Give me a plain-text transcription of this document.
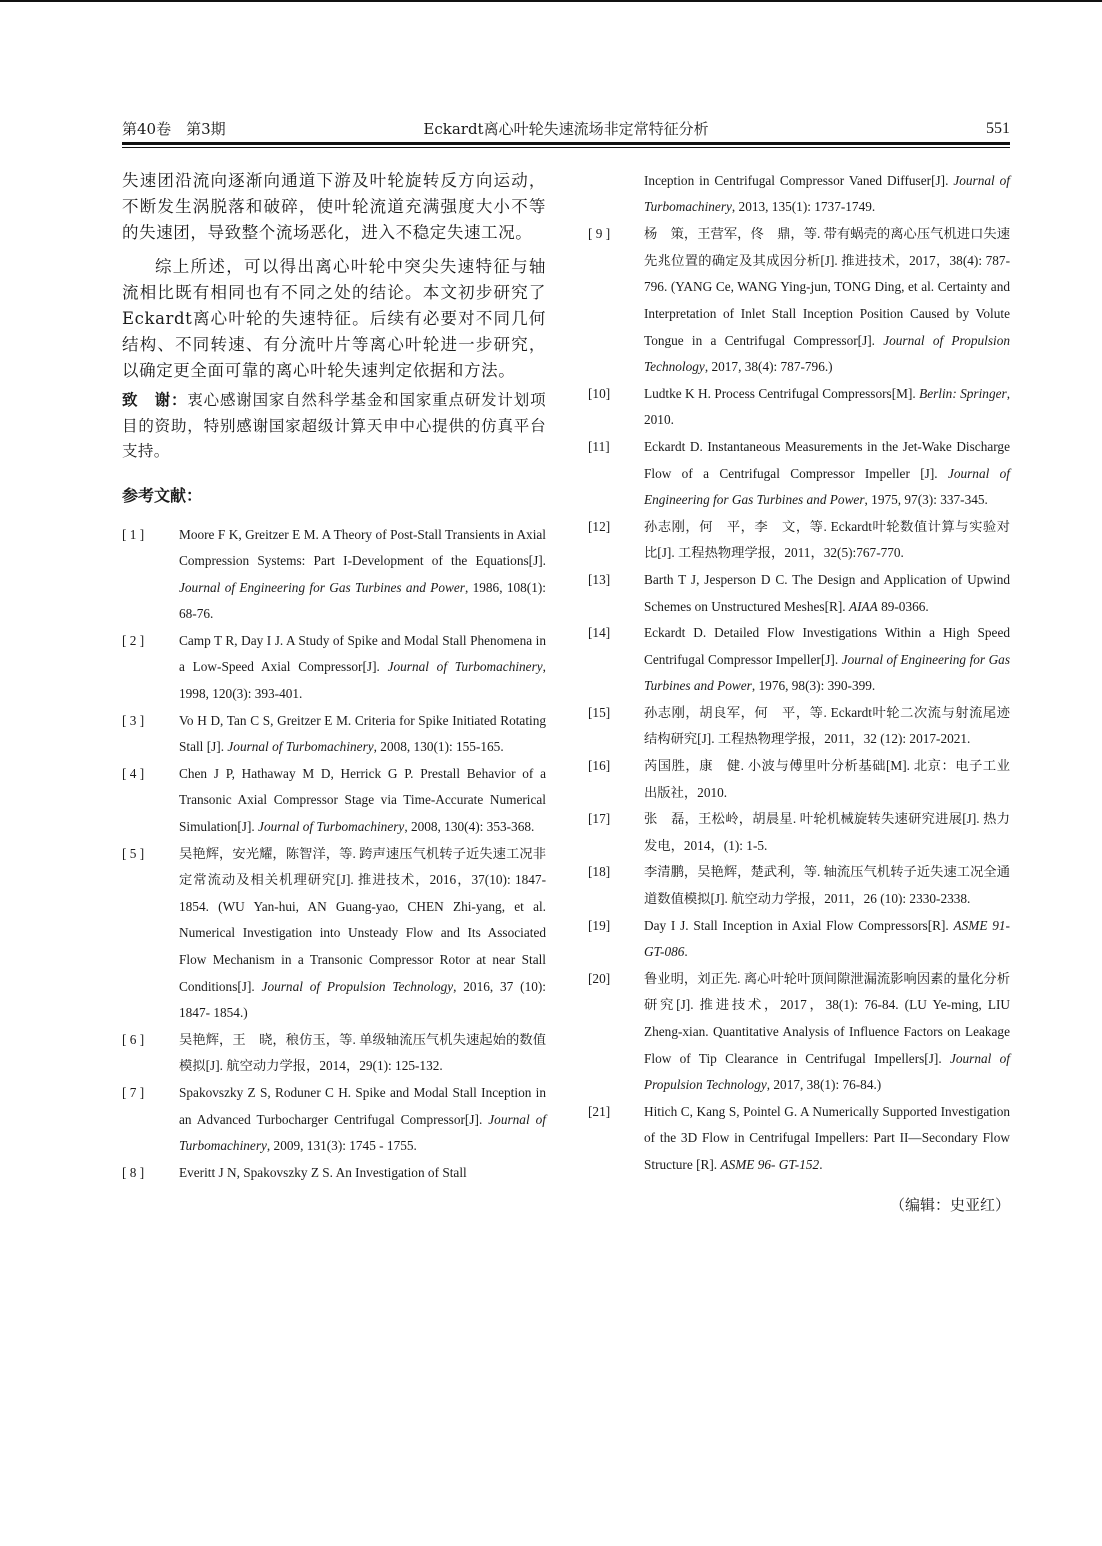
第40卷　第3期	Eckardt离心叶轮失速流场非定常特征分析	551

失速团沿流向逐渐向通道下游及叶轮旋转反方向运动，不断发生涡脱落和破碎，使叶轮流道充满强度大小不等的失速团，导致整个流场恶化，进入不稳定失速工况。

综上所述，可以得出离心叶轮中突尖失速特征与轴流相比既有相同也有不同之处的结论。本文初步研究了Eckardt离心叶轮的失速特征。后续有必要对不同几何结构、不同转速、有分流叶片等离心叶轮进一步研究，以确定更全面可靠的离心叶轮失速判定依据和方法。

致　谢：衷心感谢国家自然科学基金和国家重点研发计划项目的资助，特别感谢国家超级计算天申中心提供的仿真平台支持。

参考文献：
[ 1 ]	Moore F K, Greitzer E M. A Theory of Post-Stall Transients in Axial Compression Systems: Part I-Development of the Equations[J]. Journal of Engineering for Gas Turbines and Power, 1986, 108(1): 68-76.
[ 2 ]	Camp T R, Day I J. A Study of Spike and Modal Stall Phenomena in a Low-Speed Axial Compressor[J]. Journal of Turbomachinery, 1998, 120(3): 393-401.
[ 3 ]	Vo H D, Tan C S, Greitzer E M. Criteria for Spike Initiated Rotating Stall [J]. Journal of Turbomachinery, 2008, 130(1): 155-165.
[ 4 ]	Chen J P, Hathaway M D, Herrick G P. Prestall Behavior of a Transonic Axial Compressor Stage via Time-Accurate Numerical Simulation[J]. Journal of Turbomachinery, 2008, 130(4): 353-368.
[ 5 ]	吴艳辉，安光耀，陈智洋，等. 跨声速压气机转子近失速工况非定常流动及相关机理研究[J]. 推进技术，2016，37(10): 1847-1854. (WU Yan-hui, AN Guang-yao, CHEN Zhi-yang, et al. Numerical Investigation into Unsteady Flow and Its Associated Flow Mechanism in a Transonic Compressor Rotor at near Stall Conditions[J]. Journal of Propulsion Technology, 2016, 37 (10): 1847- 1854.)
[ 6 ]	吴艳辉，王　晓，稂仿玉，等. 单级轴流压气机失速起始的数值模拟[J]. 航空动力学报，2014，29(1): 125-132.
[ 7 ]	Spakovszky Z S, Roduner C H. Spike and Modal Stall Inception in an Advanced Turbocharger Centrifugal Compressor[J]. Journal of Turbomachinery, 2009, 131(3): 1745 - 1755.
[ 8 ]	Everitt J N, Spakovszky Z S. An Investigation of Stall
Inception in Centrifugal Compressor Vaned Diffuser[J]. Journal of Turbomachinery, 2013, 135(1): 1737-1749.
[ 9 ]	杨　策，王营军，佟　鼎，等. 带有蜗壳的离心压气机进口失速先兆位置的确定及其成因分析[J]. 推进技术，2017，38(4): 787-796. (YANG Ce, WANG Ying-jun, TONG Ding, et al. Certainty and Interpretation of Inlet Stall Inception Position Caused by Volute Tongue in a Centrifugal Compressor[J]. Journal of Propulsion Technology, 2017, 38(4): 787-796.)
[10]	Ludtke K H. Process Centrifugal Compressors[M]. Berlin: Springer, 2010.
[11]	Eckardt D. Instantaneous Measurements in the Jet-Wake Discharge Flow of a Centrifugal Compressor Impeller [J]. Journal of Engineering for Gas Turbines and Power, 1975, 97(3): 337-345.
[12]	孙志刚，何　平，李　文，等. Eckardt叶轮数值计算与实验对比[J]. 工程热物理学报，2011，32(5):767-770.
[13]	Barth T J, Jesperson D C. The Design and Application of Upwind Schemes on Unstructured Meshes[R]. AIAA 89-0366.
[14]	Eckardt D. Detailed Flow Investigations Within a High Speed Centrifugal Compressor Impeller[J]. Journal of Engineering for Gas Turbines and Power, 1976, 98(3): 390-399.
[15]	孙志刚，胡良军，何　平，等. Eckardt叶轮二次流与射流尾迹结构研究[J]. 工程热物理学报，2011，32 (12): 2017-2021.
[16]	芮国胜，康　健. 小波与傅里叶分析基础[M]. 北京：电子工业出版社，2010.
[17]	张　磊，王松岭，胡晨星. 叶轮机械旋转失速研究进展[J]. 热力发电，2014，(1): 1-5.
[18]	李清鹏，吴艳辉，楚武利，等. 轴流压气机转子近失速工况全通道数值模拟[J]. 航空动力学报，2011，26 (10): 2330-2338.
[19]	Day I J. Stall Inception in Axial Flow Compressors[R]. ASME 91-GT-086.
[20]	鲁业明，刘正先. 离心叶轮叶顶间隙泄漏流影响因素的量化分析研究[J]. 推进技术，2017，38(1): 76-84. (LU Ye-ming, LIU Zheng-xian. Quantitative Analysis of Influence Factors on Leakage Flow of Tip Clearance in Centrifugal Impellers[J]. Journal of Propulsion Technology, 2017, 38(1): 76-84.)
[21]	Hitich C, Kang S, Pointel G. A Numerically Supported Investigation of the 3D Flow in Centrifugal Impellers: Part II—Secondary Flow Structure [R]. ASME 96- GT-152.
（编辑：史亚红）
